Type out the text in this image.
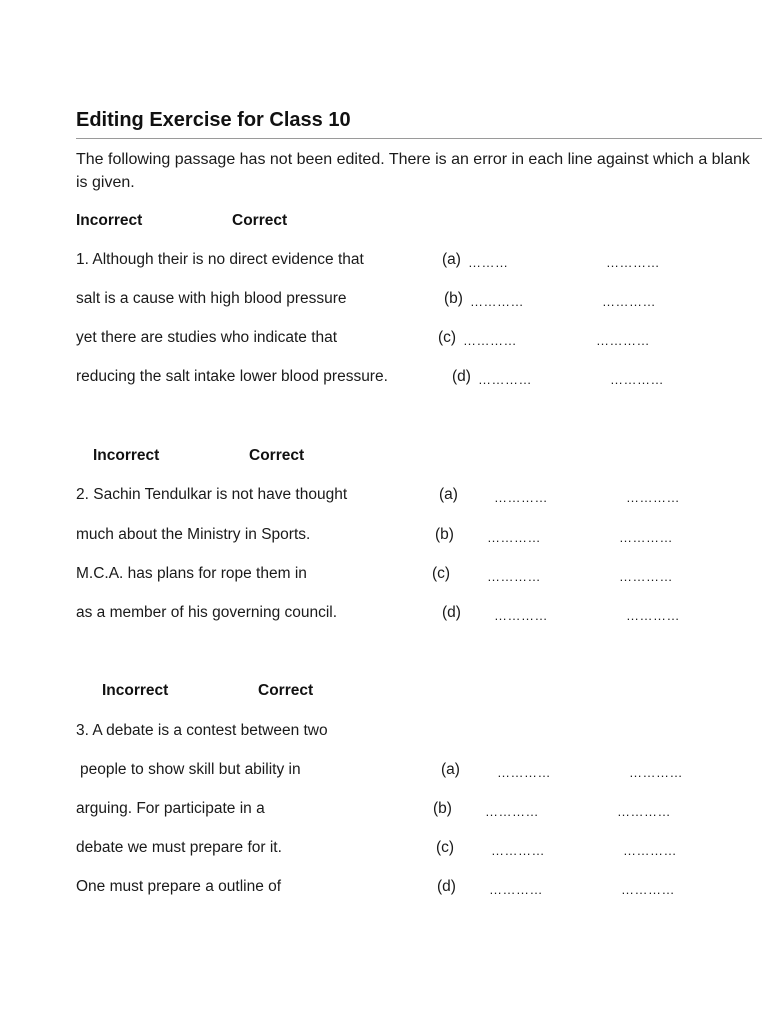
Editing Exercise for Class 10
The following passage has not been edited. There is an error in each line against which a blank is given.
Incorrect	Correct
1. Although their is no direct evidence that	(a) ………	…………
salt is a cause with high blood pressure	(b) …………	…………
yet there are studies who indicate that	(c) …………	…………
reducing the salt intake lower blood pressure.	(d) …………	…………
Incorrect	Correct
2. Sachin Tendulkar is not have thought	(a)	…………	…………
much about the Ministry in Sports.	(b)	…………	…………
M.C.A. has plans for rope them in	(c)	…………	…………
as a member of his governing council.	(d)	…………	…………
Incorrect	Correct
3. A debate is a contest between two
people to show skill but ability in	(a)	…………	…………
arguing. For participate in a	(b)	…………	…………
debate we must prepare for it.	(c)	…………	…………
One must prepare a outline of	(d)	…………	…………
